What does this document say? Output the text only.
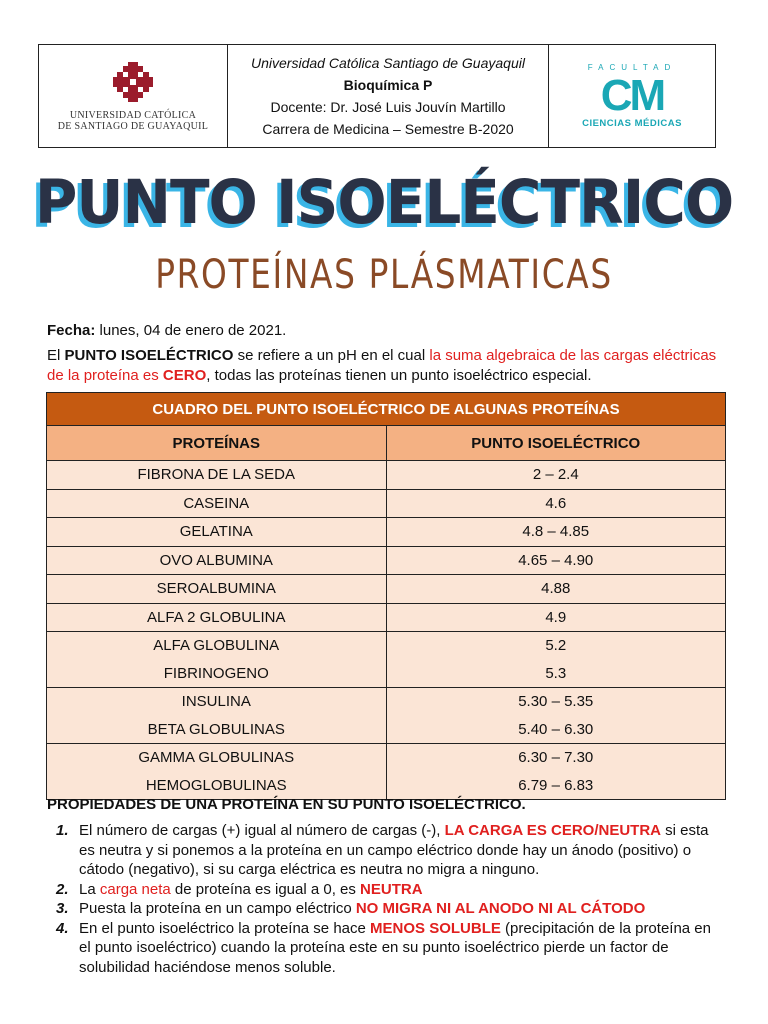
UNIVERSIDAD CATÓLICA
DE SANTIAGO DE GUAYAQUIL
Universidad Católica Santiago de Guayaquil
Bioquímica P
Docente: Dr. José Luis Jouvín Martillo
Carrera de Medicina – Semestre B-2020
FACULTAD
CM
CIENCIAS MÉDICAS
PUNTO ISOELÉCTRICO
PROTEÍNAS PLÁSMATICAS
Fecha: lunes, 04 de enero de 2021.
El PUNTO ISOELÉCTRICO se refiere a un pH en el cual la suma algebraica de las cargas eléctricas de la proteína es CERO, todas las proteínas tienen un punto isoeléctrico especial.
CUADRO DEL PUNTO ISOELÉCTRICO DE ALGUNAS PROTEÍNAS	
PROTEÍNAS	PUNTO ISOELÉCTRICO
FIBRONA DE LA SEDA	2 – 2.4
CASEINA	4.6
GELATINA	4.8 – 4.85
OVO ALBUMINA	4.65 – 4.90
SEROALBUMINA	4.88
ALFA 2 GLOBULINA	4.9
ALFA GLOBULINA	5.2
FIBRINOGENO	5.3
INSULINA	5.30 – 5.35
BETA GLOBULINAS	5.40 – 6.30
GAMMA GLOBULINAS	6.30 – 7.30
HEMOGLOBULINAS	6.79 – 6.83
PROPIEDADES DE UNA PROTEÍNA EN SU PUNTO ISOELÉCTRICO.
1. El número de cargas (+) igual al número de cargas (-), LA CARGA ES CERO/NEUTRA si esta es neutra y si ponemos a la proteína en un campo eléctrico donde hay un ánodo (positivo) o cátodo (negativo), si su carga eléctrica es neutra no migra a ninguno.
2. La carga neta de proteína es igual a 0, es NEUTRA
3. Puesta la proteína en un campo eléctrico NO MIGRA NI AL ANODO NI AL CÁTODO
4. En el punto isoeléctrico la proteína se hace MENOS SOLUBLE (precipitación de la proteína en el punto isoeléctrico) cuando la proteína este en su punto isoeléctrico pierde un factor de solubilidad haciéndose menos soluble.
